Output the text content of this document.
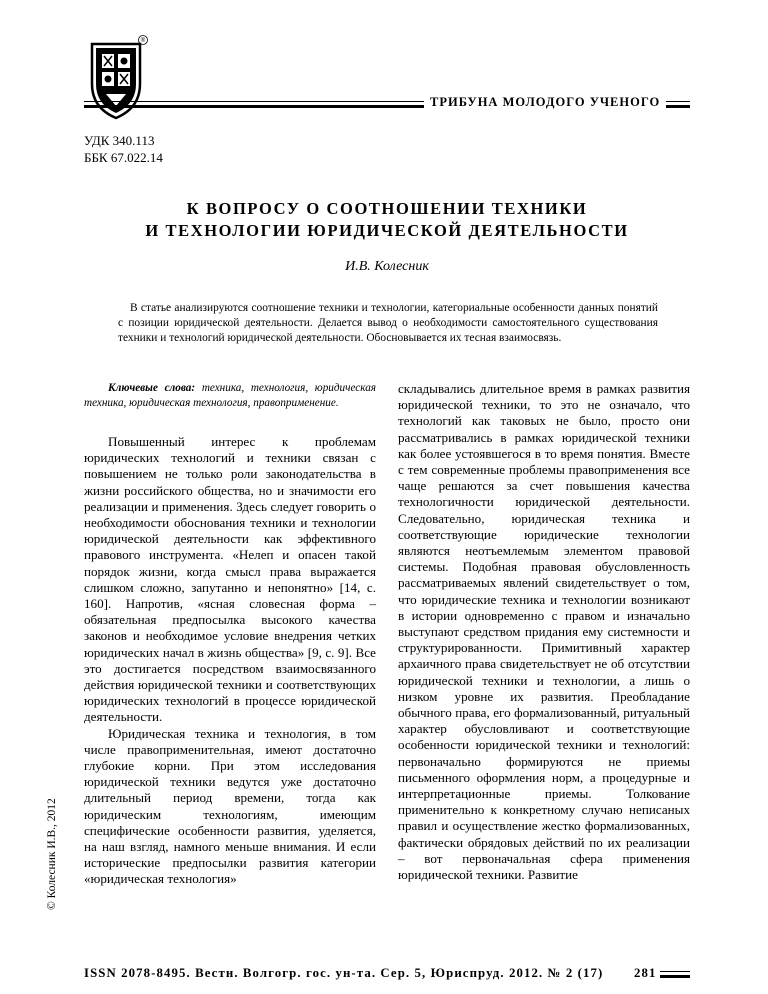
®
ТРИБУНА МОЛОДОГО УЧЕНОГО
УДК 340.113
ББК 67.022.14
К ВОПРОСУ О СООТНОШЕНИИ ТЕХНИКИ
И ТЕХНОЛОГИИ ЮРИДИЧЕСКОЙ ДЕЯТЕЛЬНОСТИ
И.В. Колесник
В статье анализируются соотношение техники и технологии, категориальные особенности данных понятий с позиции юридической деятельности. Делается вывод о необходимости самостоятельного существования техники и технологий юридической деятельности. Обосновывается их тесная взаимосвязь.
Ключевые слова: техника, технология, юридическая техника, юридическая технология, правоприменение.

Повышенный интерес к проблемам юридических технологий и техники связан с повышением не только роли законодательства в жизни российского общества, но и значимости его реализации и применения. Здесь следует говорить о необходимости обоснования техники и технологии юридической деятельности как эффективного правового инструмента. «Нелеп и опасен такой порядок жизни, когда смысл права выражается слишком сложно, запутанно и непонятно» [14, с. 160]. Напротив, «ясная словесная форма – обязательная предпосылка высокого качества законов и необходимое условие внедрения четких юридических начал в жизнь общества» [9, с. 9]. Все это достигается посредством взаимосвязанного действия юридической техники и соответствующих юридических технологий в процессе юридической деятельности.

Юридическая техника и технология, в том числе правоприменительная, имеют достаточно глубокие корни. При этом исследования юридической техники ведутся уже достаточно длительный период времени, тогда как юридическим технологиям, имеющим специфические особенности развития, уделяется, на наш взгляд, намного меньше внимания. И если исторические предпосылки развития категории «юридическая технология»

складывались длительное время в рамках развития юридической техники, то это не означало, что технологий как таковых не было, просто они рассматривались в рамках юридической техники как более устоявшегося в то время понятия. Вместе с тем современные проблемы правоприменения все чаще решаются за счет повышения качества технологичности юридической деятельности. Следовательно, юридическая техника и соответствующие юридические технологии являются неотъемлемым элементом правовой системы. Подобная правовая обусловленность рассматриваемых явлений свидетельствует о том, что юридические техника и технологии возникают в истории одновременно с правом и изначально выступают средством придания ему системности и структурированности. Примитивный характер архаичного права свидетельствует не об отсутствии юридической техники и технологии, а лишь о низком уровне их развития. Преобладание обычного права, его формализованный, ритуальный характер обусловливают и соответствующие особенности юридической техники и технологий: первоначально формируются не приемы письменного оформления норм, а процедурные и интерпретационные приемы. Толкование применительно к конкретному случаю неписаных правил и осуществление жестко формализованных, фактически обрядовых действий по их реализации – вот первоначальная сфера применения юридической техники. Развитие

© Колесник И.В., 2012
ISSN 2078-8495. Вестн. Волгогр. гос. ун-та. Сер. 5, Юриспруд. 2012. № 2 (17) 281
